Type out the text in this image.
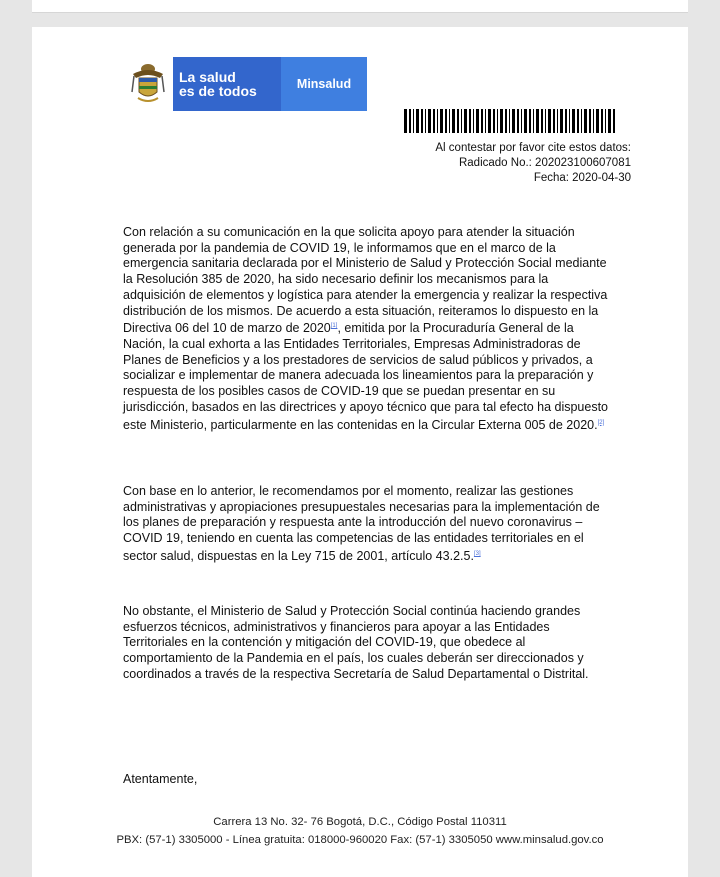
La salud
es de todos	Minsalud
Al contestar por favor cite estos datos:
Radicado No.: 202023100607081
Fecha: 2020-04-30
Con relación a su comunicación en la que solicita apoyo para atender la situación
generada por la pandemia de COVID 19, le informamos que en el marco de la
emergencia sanitaria declarada por el Ministerio de Salud y Protección Social mediante
la Resolución 385 de 2020, ha sido necesario definir los mecanismos para la
adquisición de elementos y logística para atender la emergencia y realizar la respectiva
distribución de los mismos. De acuerdo a esta situación, reiteramos lo dispuesto en la
Directiva 06 del 10 de marzo de 2020[1], emitida por la Procuraduría General de la
Nación, la cual exhorta a las Entidades Territoriales, Empresas Administradoras de
Planes de Beneficios y a los prestadores de servicios de salud públicos y privados, a
socializar e implementar de manera adecuada los lineamientos para la preparación y
respuesta de los posibles casos de COVID-19 que se puedan presentar en su
jurisdicción, basados en las directrices y apoyo técnico que para tal efecto ha dispuesto
este Ministerio, particularmente en las contenidas en la Circular Externa 005 de 2020.[2]
Con base en lo anterior, le recomendamos por el momento, realizar las gestiones
administrativas y apropiaciones presupuestales necesarias para la implementación de
los planes de preparación y respuesta ante la introducción del nuevo coronavirus –
COVID 19, teniendo en cuenta las competencias de las entidades territoriales en el
sector salud, dispuestas en la Ley 715 de 2001, artículo 43.2.5.[3]
No obstante, el Ministerio de Salud y Protección Social continúa haciendo grandes
esfuerzos técnicos, administrativos y financieros para apoyar a las Entidades
Territoriales en la contención y mitigación del COVID-19, que obedece al
comportamiento de la Pandemia en el país, los cuales deberán ser direccionados y
coordinados a través de la respectiva Secretaría de Salud Departamental o Distrital.
Atentamente,
Carrera 13 No. 32- 76 Bogotá, D.C., Código Postal 110311
PBX: (57-1) 3305000 - Línea gratuita: 018000-960020 Fax: (57-1) 3305050 www.minsalud.gov.co
